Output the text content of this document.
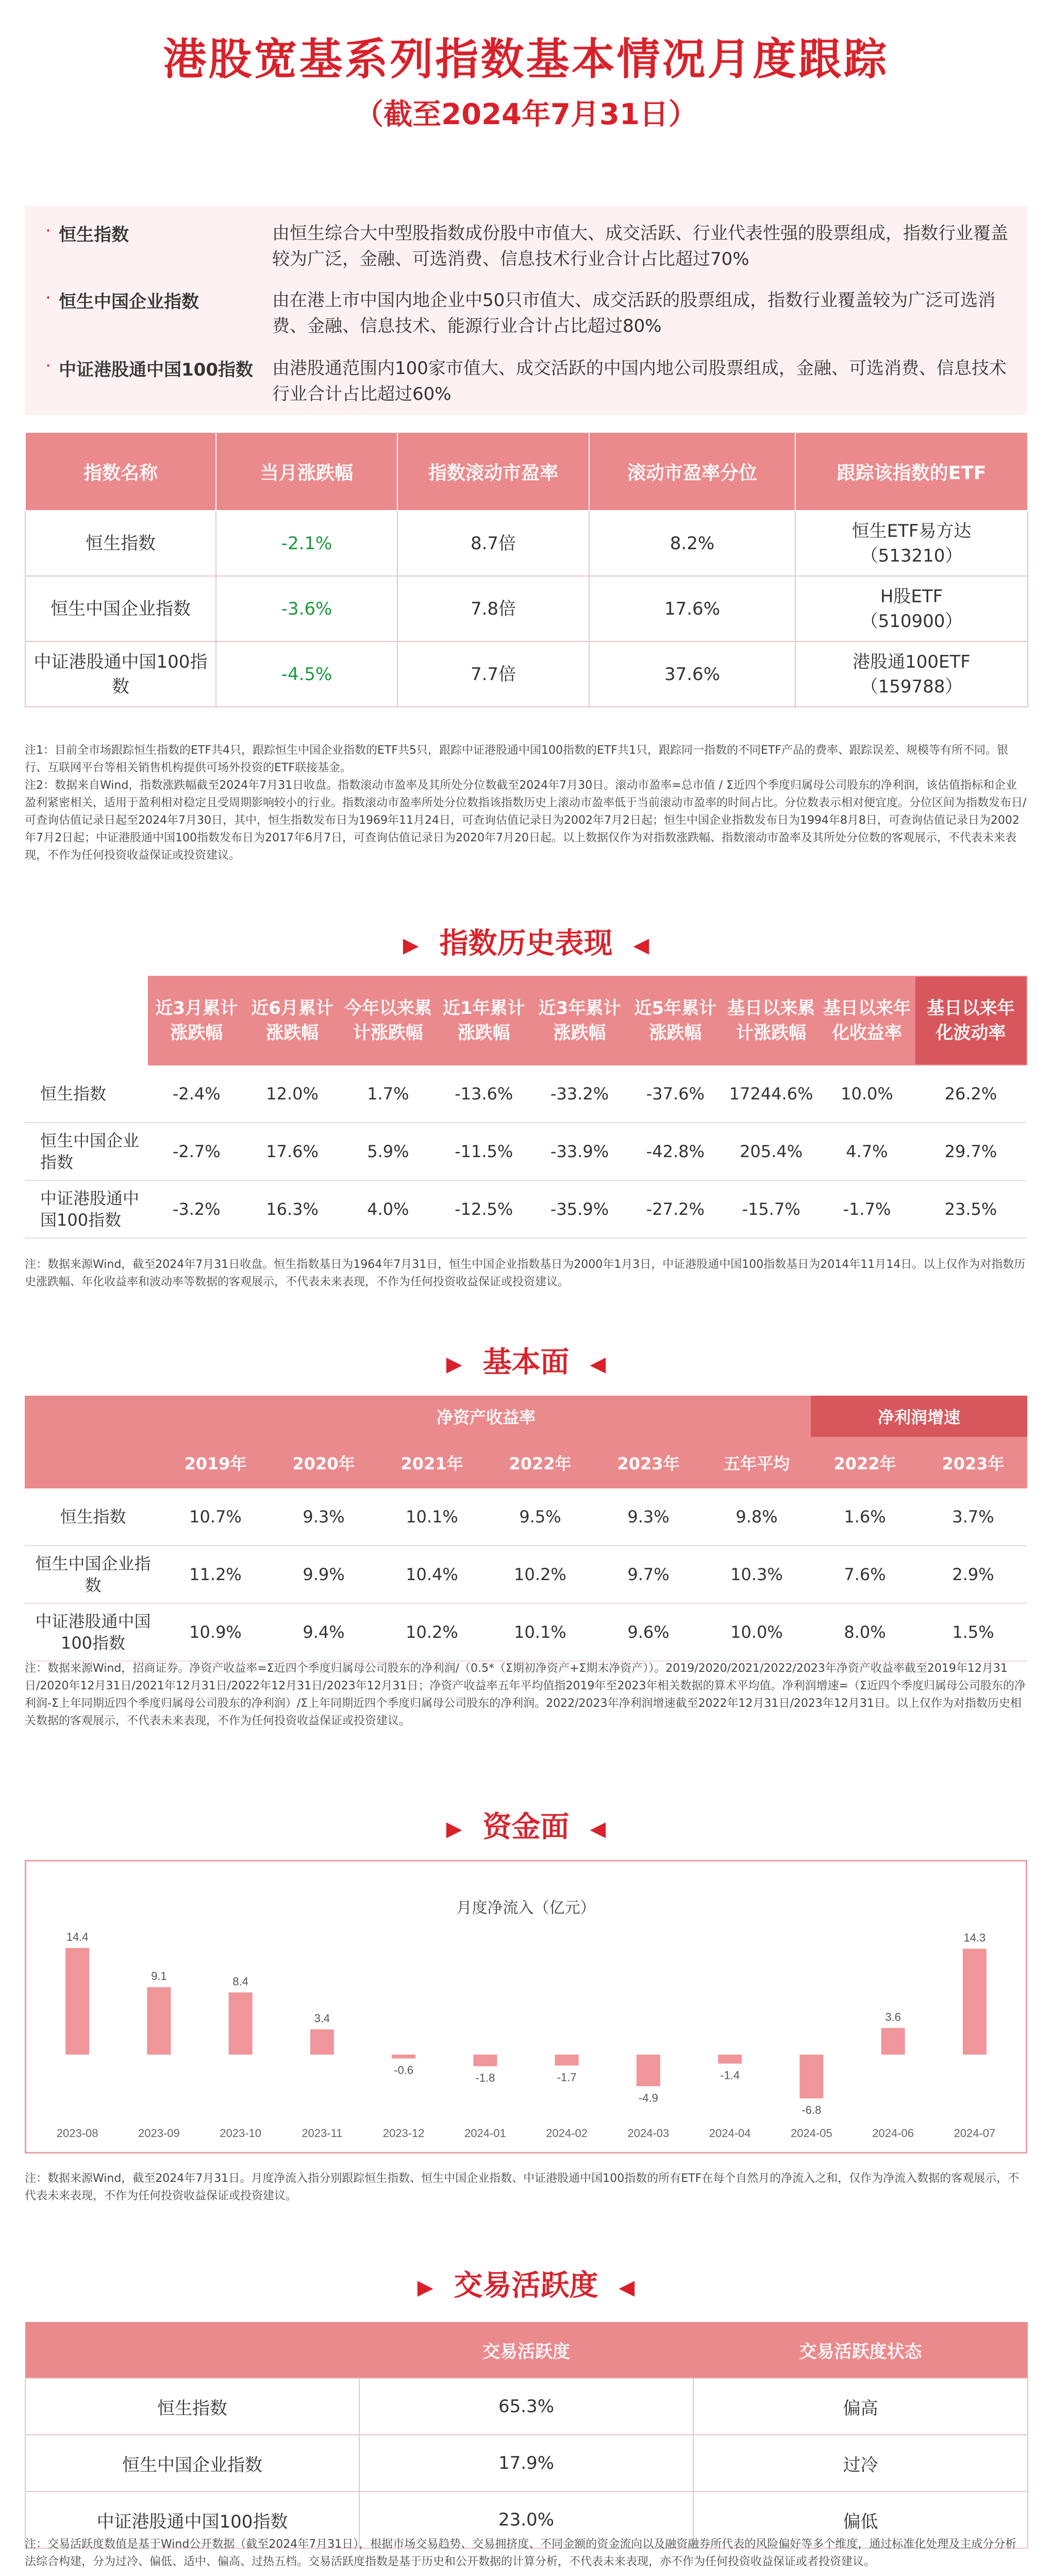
港股宽基系列指数基本情况月度跟踪
（截至2024年7月31日）
· 恒生指数	由恒生综合大中型股指数成份股中市值大、成交活跃、行业代表性强的股票组成，指数行业覆盖较为广泛，金融、可选消费、信息技术行业合计占比超过70%
· 恒生中国企业指数	由在港上市中国内地企业中50只市值大、成交活跃的股票组成，指数行业覆盖较为广泛可选消费、金融、信息技术、能源行业合计占比超过80%
· 中证港股通中国100指数 由港股通范围内100家市值大、成交活跃的中国内地公司股票组成，金融、可选消费、信息技术行业合计占比超过60%
指数名称	当月涨跌幅	指数滚动市盈率	滚动市盈率分位	跟踪该指数的ETF
恒生指数	-2.1%	8.7倍	8.2%	恒生ETF易方达
（513210）
恒生中国企业指数	-3.6%	7.8倍	17.6%	H股ETF
（510900）
中证港股通中国100指数	-4.5%	7.7倍	37.6%	港股通100ETF
（159788）
注1：目前全市场跟踪恒生指数的ETF共4只，跟踪恒生中国企业指数的ETF共5只，跟踪中证港股通中国100指数的ETF共1只，跟踪同一指数的不同ETF产品的费率、跟踪误差、规模等有所不同。银行、互联网平台等相关销售机构提供可场外投资的ETF联接基金。
注2：数据来自Wind，指数涨跌幅截至2024年7月31日收盘。指数滚动市盈率及其所处分位数截至2024年7月30日。滚动市盈率=总市值 / Σ近四个季度归属母公司股东的净利润，该估值指标和企业盈利紧密相关，适用于盈利相对稳定且受周期影响较小的行业。指数滚动市盈率所处分位数指该指数历史上滚动市盈率低于当前滚动市盈率的时间占比。分位数表示相对便宜度。分位区间为指数发布日/可查询估值记录日起至2024年7月30日，其中，恒生指数发布日为1969年11月24日，可查询估值记录日为2002年7月2日起；恒生中国企业指数发布日为1994年8月8日，可查询估值记录日为2002年7月2日起；中证港股通中国100指数发布日为2017年6月7日，可查询估值记录日为2020年7月20日起。以上数据仅作为对指数涨跌幅、指数滚动市盈率及其所处分位数的客观展示，不代表未来表现，不作为任何投资收益保证或投资建议。
▶ 指数历史表现 ◀
	近3月累计涨跌幅	近6月累计涨跌幅	今年以来累计涨跌幅	近1年累计涨跌幅	近3年累计涨跌幅	近5年累计涨跌幅	基日以来累计涨跌幅	基日以来年化收益率	基日以来年化波动率
恒生指数	-2.4%	12.0%	1.7%	-13.6%	-33.2%	-37.6%	17244.6%	10.0%	26.2%
恒生中国企业指数	-2.7%	17.6%	5.9%	-11.5%	-33.9%	-42.8%	205.4%	4.7%	29.7%
中证港股通中国100指数	-3.2%	16.3%	4.0%	-12.5%	-35.9%	-27.2%	-15.7%	-1.7%	23.5%
注：数据来源Wind，截至2024年7月31日收盘。恒生指数基日为1964年7月31日，恒生中国企业指数基日为2000年1月3日，中证港股通中国100指数基日为2014年11月14日。以上仅作为对指数历史涨跌幅、年化收益率和波动率等数据的客观展示，不代表未来表现，不作为任何投资收益保证或投资建议。
▶ 基本面 ◀
	净资产收益率						净利润增速	
	2019年	2020年	2021年	2022年	2023年	五年平均	2022年	2023年
恒生指数	10.7%	9.3%	10.1%	9.5%	9.3%	9.8%	1.6%	3.7%
恒生中国企业指数	11.2%	9.9%	10.4%	10.2%	9.7%	10.3%	7.6%	2.9%
中证港股通中国100指数	10.9%	9.4%	10.2%	10.1%	9.6%	10.0%	8.0%	1.5%
注：数据来源Wind，招商证券。净资产收益率=Σ近四个季度归属母公司股东的净利润/（0.5*（Σ期初净资产+Σ期末净资产））。2019/2020/2021/2022/2023年净资产收益率截至2019年12月31日/2020年12月31日/2021年12月31日/2022年12月31日/2023年12月31日；净资产收益率五年平均值指2019年至2023年相关数据的算术平均值。净利润增速=（Σ近四个季度归属母公司股东的净利润-Σ上年同期近四个季度归属母公司股东的净利润）/Σ上年同期近四个季度归属母公司股东的净利润。2022/2023年净利润增速截至2022年12月31日/2023年12月31日。以上仅作为对指数历史相关数据的客观展示，不代表未来表现，不作为任何投资收益保证或投资建议。
▶ 资金面 ◀
月度净流入（亿元）
14.4
2023-08
9.1
2023-09
8.4
2023-10
3.4
2023-11
-0.6
2023-12
-1.8
2024-01
-1.7
2024-02
-4.9
2024-03
-1.4
2024-04
-6.8
2024-05
3.6
2024-06
14.3
2024-07
注：数据来源Wind，截至2024年7月31日。月度净流入指分别跟踪恒生指数、恒生中国企业指数、中证港股通中国100指数的所有ETF在每个自然月的净流入之和，仅作为净流入数据的客观展示，不代表未来表现，不作为任何投资收益保证或投资建议。
▶ 交易活跃度 ◀
	交易活跃度	交易活跃度状态
恒生指数	65.3%	偏高
恒生中国企业指数	17.9%	过冷
中证港股通中国100指数	23.0%	偏低
注：交易活跃度数值是基于Wind公开数据（截至2024年7月31日），根据市场交易趋势、交易拥挤度、不同金额的资金流向以及融资融券所代表的风险偏好等多个维度，通过标准化处理及主成分分析法综合构建，分为过冷、偏低、适中、偏高、过热五档。交易活跃度指数是基于历史和公开数据的计算分析，不代表未来表现，亦不作为任何投资收益保证或者投资建议。
